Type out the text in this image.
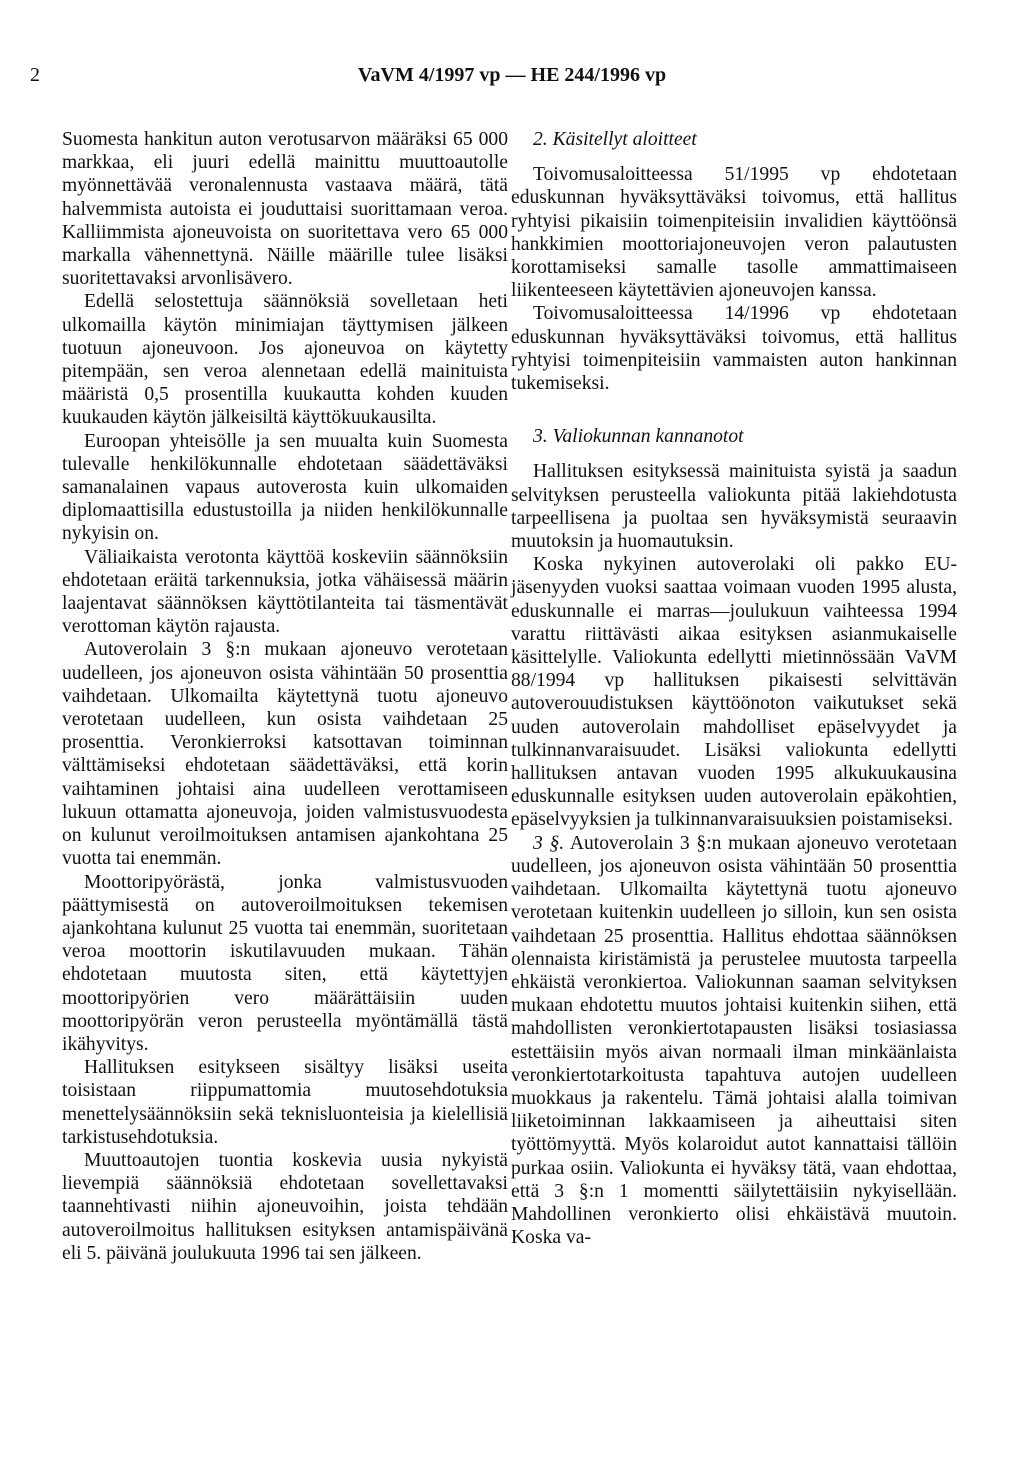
2	VaVM 4/1997 vp — HE 244/1996 vp

Suomesta hankitun auton verotusarvon määräksi 65 000 markkaa, eli juuri edellä mainittu muuttoautolle myönnettävää veronalennusta vastaava määrä, tätä halvemmista autoista ei jouduttaisi suorittamaan veroa. Kalliimmista ajoneuvoista on suoritettava vero 65 000 markalla vähennettynä. Näille määrille tulee lisäksi suoritettavaksi arvonlisävero.

Edellä selostettuja säännöksiä sovelletaan heti ulkomailla käytön minimiajan täyttymisen jälkeen tuotuun ajoneuvoon. Jos ajoneuvoa on käytetty pitempään, sen veroa alennetaan edellä mainituista määristä 0,5 prosentilla kuukautta kohden kuuden kuukauden käytön jälkeisiltä käyttökuukausilta.

Euroopan yhteisölle ja sen muualta kuin Suomesta tulevalle henkilökunnalle ehdotetaan säädettäväksi samanalainen vapaus autoverosta kuin ulkomaiden diplomaattisilla edustustoilla ja niiden henkilökunnalle nykyisin on.

Väliaikaista verotonta käyttöä koskeviin säännöksiin ehdotetaan eräitä tarkennuksia, jotka vähäisessä määrin laajentavat säännöksen käyttötilanteita tai täsmentävät verottoman käytön rajausta.

Autoverolain 3 §:n mukaan ajoneuvo verotetaan uudelleen, jos ajoneuvon osista vähintään 50 prosenttia vaihdetaan. Ulkomailta käytettynä tuotu ajoneuvo verotetaan uudelleen, kun osista vaihdetaan 25 prosenttia. Veronkierroksi katsottavan toiminnan välttämiseksi ehdotetaan säädettäväksi, että korin vaihtaminen johtaisi aina uudelleen verottamiseen lukuun ottamatta ajoneuvoja, joiden valmistusvuodesta on kulunut veroilmoituksen antamisen ajankohtana 25 vuotta tai enemmän.

Moottoripyörästä, jonka valmistusvuoden päättymisestä on autoveroilmoituksen tekemisen ajankohtana kulunut 25 vuotta tai enemmän, suoritetaan veroa moottorin iskutilavuuden mukaan. Tähän ehdotetaan muutosta siten, että käytettyjen moottoripyörien vero määrättäisiin uuden moottoripyörän veron perusteella myöntämällä tästä ikähyvitys.

Hallituksen esitykseen sisältyy lisäksi useita toisistaan riippumattomia muutosehdotuksia menettelysäännöksiin sekä teknisluonteisia ja kielellisiä tarkistusehdotuksia.

Muuttoautojen tuontia koskevia uusia nykyistä lievempiä säännöksiä ehdotetaan sovellettavaksi taannehtivasti niihin ajoneuvoihin, joista tehdään autoveroilmoitus hallituksen esityksen antamispäivänä eli 5. päivänä joulukuuta 1996 tai sen jälkeen.

2. Käsitellyt aloitteet

Toivomusaloitteessa 51/1995 vp ehdotetaan eduskunnan hyväksyttäväksi toivomus, että hallitus ryhtyisi pikaisiin toimenpiteisiin invalidien käyttöönsä hankkimien moottoriajoneuvojen veron palautusten korottamiseksi samalle tasolle ammattimaiseen liikenteeseen käytettävien ajoneuvojen kanssa.

Toivomusaloitteessa 14/1996 vp ehdotetaan eduskunnan hyväksyttäväksi toivomus, että hallitus ryhtyisi toimenpiteisiin vammaisten auton hankinnan tukemiseksi.

3. Valiokunnan kannanotot

Hallituksen esityksessä mainituista syistä ja saadun selvityksen perusteella valiokunta pitää lakiehdotusta tarpeellisena ja puoltaa sen hyväksymistä seuraavin muutoksin ja huomautuksin.

Koska nykyinen autoverolaki oli pakko EU-jäsenyyden vuoksi saattaa voimaan vuoden 1995 alusta, eduskunnalle ei marras—joulukuun vaihteessa 1994 varattu riittävästi aikaa esityksen asianmukaiselle käsittelylle. Valiokunta edellytti mietinnössään VaVM 88/1994 vp hallituksen pikaisesti selvittävän autoverouudistuksen käyttöönoton vaikutukset sekä uuden autoverolain mahdolliset epäselvyydet ja tulkinnanvaraisuudet. Lisäksi valiokunta edellytti hallituksen antavan vuoden 1995 alkukuukausina eduskunnalle esityksen uuden autoverolain epäkohtien, epäselvyyksien ja tulkinnanvaraisuuksien poistamiseksi.

3 §. Autoverolain 3 §:n mukaan ajoneuvo verotetaan uudelleen, jos ajoneuvon osista vähintään 50 prosenttia vaihdetaan. Ulkomailta käytettynä tuotu ajoneuvo verotetaan kuitenkin uudelleen jo silloin, kun sen osista vaihdetaan 25 prosenttia. Hallitus ehdottaa säännöksen olennaista kiristämistä ja perustelee muutosta tarpeella ehkäistä veronkiertoa. Valiokunnan saaman selvityksen mukaan ehdotettu muutos johtaisi kuitenkin siihen, että mahdollisten veronkiertotapausten lisäksi tosiasiassa estettäisiin myös aivan normaali ilman minkäänlaista veronkiertotarkoitusta tapahtuva autojen uudelleen muokkaus ja rakentelu. Tämä johtaisi alalla toimivan liiketoiminnan lakkaamiseen ja aiheuttaisi siten työttömyyttä. Myös kolaroidut autot kannattaisi tällöin purkaa osiin. Valiokunta ei hyväksy tätä, vaan ehdottaa, että 3 §:n 1 momentti säilytettäisiin nykyisellään. Mahdollinen veronkierto olisi ehkäistävä muutoin. Koska va-
